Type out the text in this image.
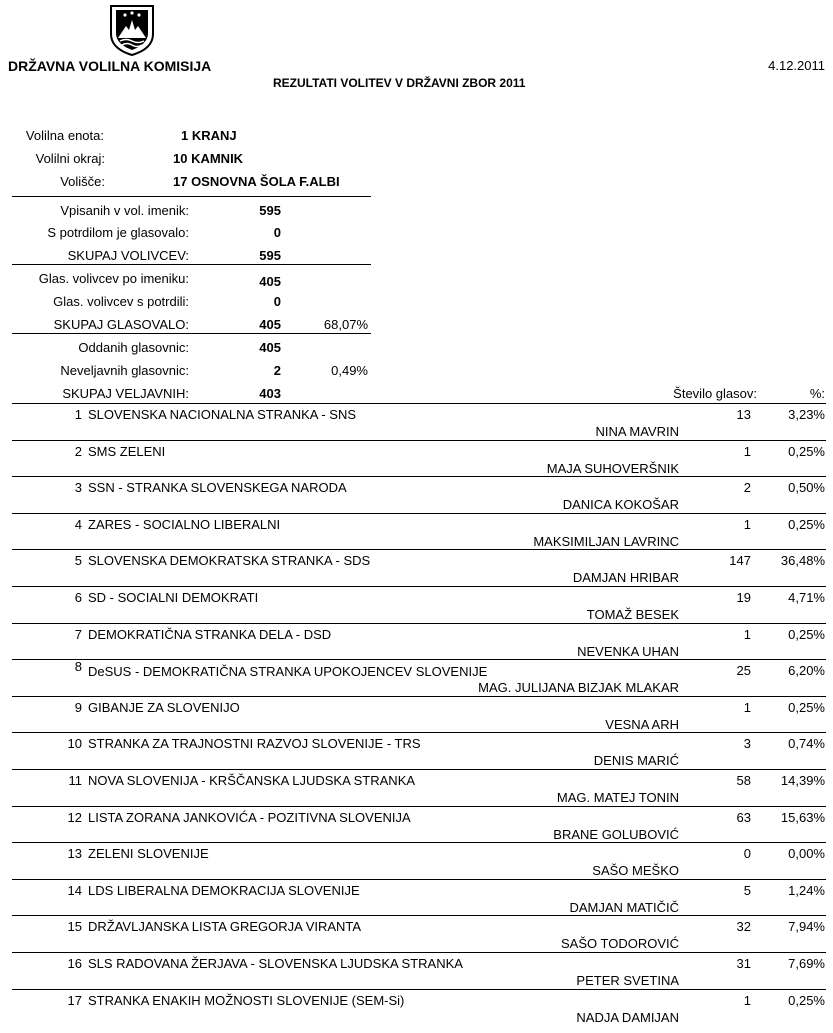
DRŽAVNA VOLILNA KOMISIJA	4.12.2011
REZULTATI VOLITEV V DRŽAVNI ZBOR 2011
Volilna enota:	1 KRANJ
Volilni okraj:	10 KAMNIK
Volišče:	17 OSNOVNA ŠOLA F.ALBI
Vpisanih v vol. imenik:	595
S potrdilom je glasovalo:	0
SKUPAJ VOLIVCEV:	595
Glas. volivcev po imeniku:	405
Glas. volivcev s potrdili:	0
SKUPAJ GLASOVALO:	405	68,07%
Oddanih glasovnic:	405
Neveljavnih glasovnic:	2	0,49%
SKUPAJ VELJAVNIH:	403	Število glasov:	%:
1 SLOVENSKA NACIONALNA STRANKA - SNS
NINA MAVRIN
13	3,23%
2 SMS ZELENI
MAJA SUHOVERŠNIK
1	0,25%
3 SSN - STRANKA SLOVENSKEGA NARODA
DANICA KOKOŠAR
2	0,50%
4 ZARES - SOCIALNO LIBERALNI
MAKSIMILJAN LAVRINC
1	0,25%
5 SLOVENSKA DEMOKRATSKA STRANKA - SDS
DAMJAN HRIBAR
147 36,48%
6 SD - SOCIALNI DEMOKRATI
TOMAŽ BESEK
19	4,71%
7 DEMOKRATIČNA STRANKA DELA - DSD
NEVENKA UHAN
1	0,25%
8 DeSUS - DEMOKRATIČNA STRANKA UPOKOJENCEV SLOVENIJE
MAG. JULIJANA BIZJAK MLAKAR
25	6,20%
9 GIBANJE ZA SLOVENIJO
VESNA ARH
1	0,25%
10 STRANKA ZA TRAJNOSTNI RAZVOJ SLOVENIJE - TRS
DENIS MARIĆ
3	0,74%
11 NOVA SLOVENIJA - KRŠČANSKA LJUDSKA STRANKA
MAG. MATEJ TONIN
58 14,39%
12 LISTA ZORANA JANKOVIĆA - POZITIVNA SLOVENIJA
BRANE GOLUBOVIĆ
63 15,63%
13 ZELENI SLOVENIJE
SAŠO MEŠKO
0	0,00%
14 LDS LIBERALNA DEMOKRACIJA SLOVENIJE
DAMJAN MATIČIČ
5	1,24%
15 DRŽAVLJANSKA LISTA GREGORJA VIRANTA
SAŠO TODOROVIĆ
32	7,94%
16 SLS RADOVANA ŽERJAVA - SLOVENSKA LJUDSKA STRANKA
PETER SVETINA
31	7,69%
17 STRANKA ENAKIH MOŽNOSTI SLOVENIJE (SEM-Si)
NADJA DAMIJAN
1	0,25%
